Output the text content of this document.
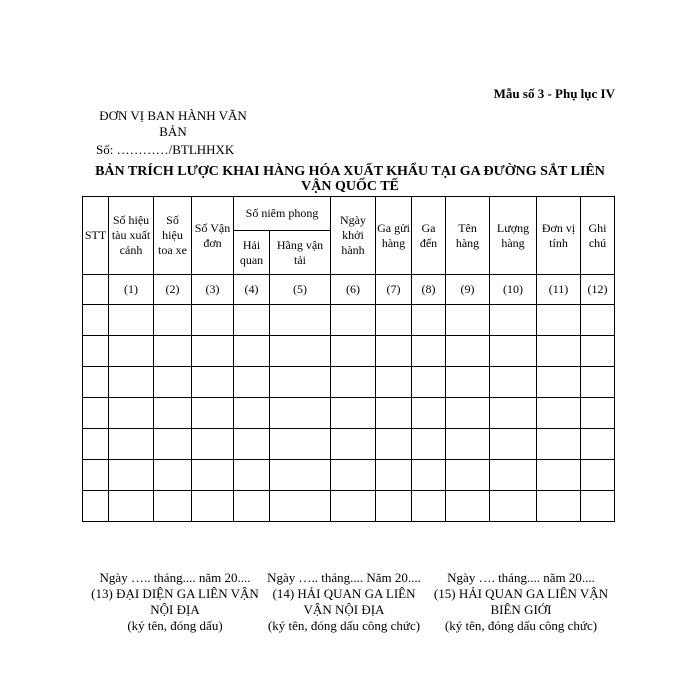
Mẫu số 3 - Phụ lục IV
ĐƠN VỊ BAN HÀNH VĂN BẢN
Số: …………/BTLHHXK
BẢN TRÍCH LƯỢC KHAI HÀNG HÓA XUẤT KHẨU TẠI GA ĐƯỜNG SẮT LIÊN VẬN QUỐC TẾ
STT	Số hiệu tàu xuất cảnh	Số hiệu toa xe	Số Vận đơn	Số niêm phong		Ngày khởi hành	Ga gửi hàng	Ga đến	Tên hàng	Lượng hàng	Đơn vị tính	Ghi chú
				Hải quan	Hãng vận tải							
	(1)	(2)	(3)	(4)	(5)	(6)	(7)	(8)	(9)	(10)	(11)	(12)

Ngày ….. tháng.... năm 20....
(13) ĐẠI DIỆN GA LIÊN VẬN NỘI ĐỊA
(ký tên, đóng dấu)
Ngày ….. tháng.... Năm 20....
(14) HẢI QUAN GA LIÊN VẬN NỘI ĐỊA
(ký tên, đóng dấu công chức)
Ngày …. tháng.... năm 20....
(15) HẢI QUAN GA LIÊN VẬN BIÊN GIỚI
(ký tên, đóng dấu công chức)
